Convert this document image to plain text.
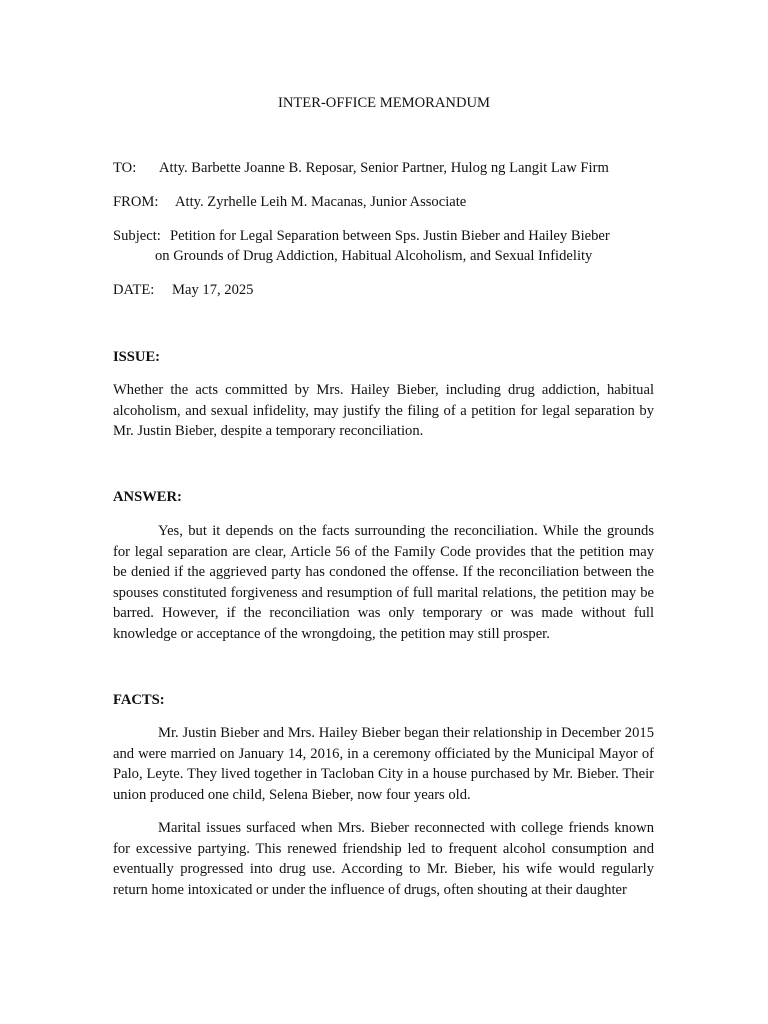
INTER-OFFICE MEMORANDUM

TO: Atty. Barbette Joanne B. Reposar, Senior Partner, Hulog ng Langit Law Firm

FROM: Atty. Zyrhelle Leih M. Macanas, Junior Associate

Subject: Petition for Legal Separation between Sps. Justin Bieber and Hailey Bieber

on Grounds of Drug Addiction, Habitual Alcoholism, and Sexual Infidelity

DATE: May 17, 2025

ISSUE:

Whether the acts committed by Mrs. Hailey Bieber, including drug addiction, habitual alcoholism, and sexual infidelity, may justify the filing of a petition for legal separation by Mr. Justin Bieber, despite a temporary reconciliation.

ANSWER:

Yes, but it depends on the facts surrounding the reconciliation. While the grounds for legal separation are clear, Article 56 of the Family Code provides that the petition may be denied if the aggrieved party has condoned the offense. If the reconciliation between the spouses constituted forgiveness and resumption of full marital relations, the petition may be barred. However, if the reconciliation was only temporary or was made without full knowledge or acceptance of the wrongdoing, the petition may still prosper.

FACTS:

Mr. Justin Bieber and Mrs. Hailey Bieber began their relationship in December 2015 and were married on January 14, 2016, in a ceremony officiated by the Municipal Mayor of Palo, Leyte. They lived together in Tacloban City in a house purchased by Mr. Bieber. Their union produced one child, Selena Bieber, now four years old.

Marital issues surfaced when Mrs. Bieber reconnected with college friends known for excessive partying. This renewed friendship led to frequent alcohol consumption and eventually progressed into drug use. According to Mr. Bieber, his wife would regularly return home intoxicated or under the influence of drugs, often shouting at their daughter
